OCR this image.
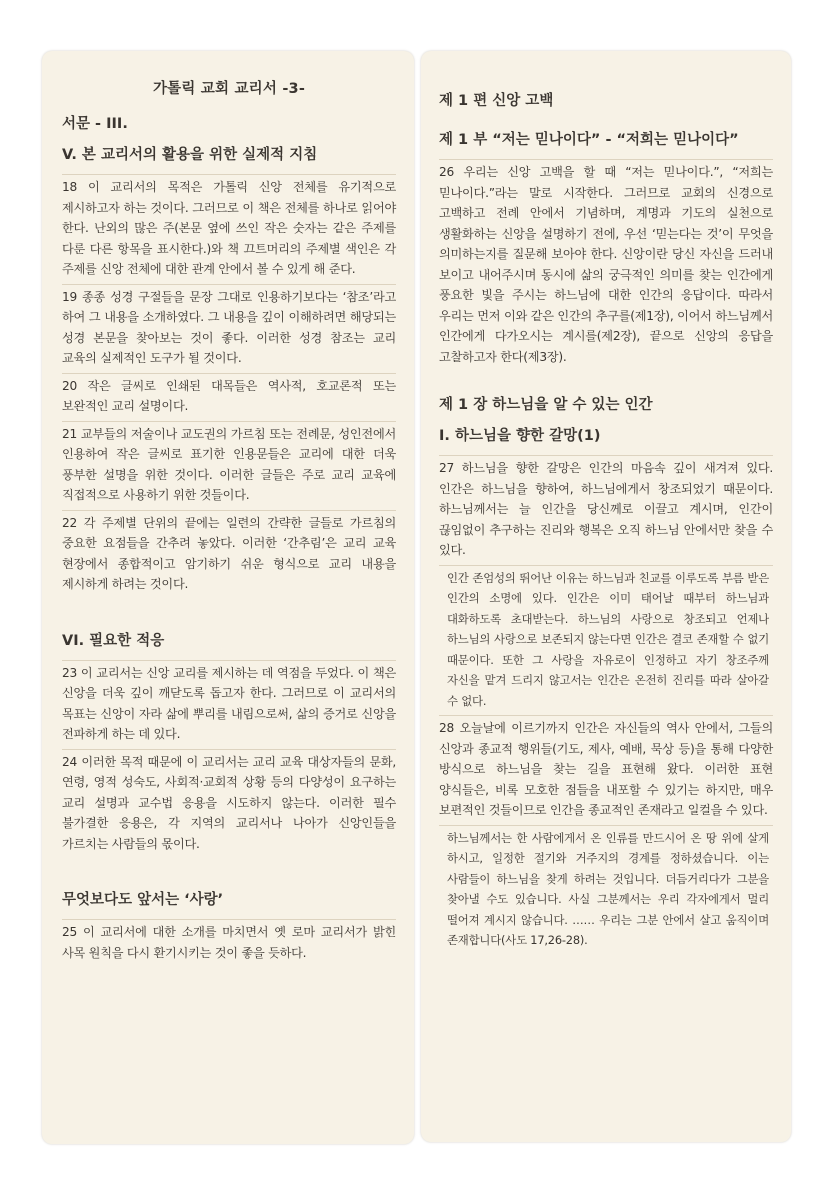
가톨릭 교회 교리서 -3-
서문 - III.
V. 본 교리서의 활용을 위한 실제적 지침

18 이 교리서의 목적은 가톨릭 신앙 전체를 유기적으로 제시하고자 하는 것이다. 그러므로 이 책은 전체를 하나로 읽어야 한다. 난외의 많은 주(본문 옆에 쓰인 작은 숫자는 같은 주제를 다룬 다른 항목을 표시한다.)와 책 끄트머리의 주제별 색인은 각 주제를 신앙 전체에 대한 관계 안에서 볼 수 있게 해 준다.

19 종종 성경 구절들을 문장 그대로 인용하기보다는 ‘참조’라고 하여 그 내용을 소개하였다. 그 내용을 깊이 이해하려면 해당되는 성경 본문을 찾아보는 것이 좋다. 이러한 성경 참조는 교리 교육의 실제적인 도구가 될 것이다.

20 작은 글씨로 인쇄된 대목들은 역사적, 호교론적 또는 보완적인 교리 설명이다.

21 교부들의 저술이나 교도권의 가르침 또는 전례문, 성인전에서 인용하여 작은 글씨로 표기한 인용문들은 교리에 대한 더욱 풍부한 설명을 위한 것이다. 이러한 글들은 주로 교리 교육에 직접적으로 사용하기 위한 것들이다.

22 각 주제별 단위의 끝에는 일련의 간략한 글들로 가르침의 중요한 요점들을 간추려 놓았다. 이러한 ‘간추림’은 교리 교육 현장에서 종합적이고 암기하기 쉬운 형식으로 교리 내용을 제시하게 하려는 것이다.

VI. 필요한 적응

23 이 교리서는 신앙 교리를 제시하는 데 역점을 두었다. 이 책은 신앙을 더욱 깊이 깨닫도록 돕고자 한다. 그러므로 이 교리서의 목표는 신앙이 자라 삶에 뿌리를 내림으로써, 삶의 증거로 신앙을 전파하게 하는 데 있다.

24 이러한 목적 때문에 이 교리서는 교리 교육 대상자들의 문화, 연령, 영적 성숙도, 사회적·교회적 상황 등의 다양성이 요구하는 교리 설명과 교수법 응용을 시도하지 않는다. 이러한 필수 불가결한 응용은, 각 지역의 교리서나 나아가 신앙인들을 가르치는 사람들의 몫이다.

무엇보다도 앞서는 ‘사랑’

25 이 교리서에 대한 소개를 마치면서 옛 로마 교리서가 밝힌 사목 원칙을 다시 환기시키는 것이 좋을 듯하다.

제 1 편 신앙 고백
제 1 부 “저는 믿나이다” - “저희는 믿나이다”

26 우리는 신앙 고백을 할 때 “저는 믿나이다.”, “저희는 믿나이다.”라는 말로 시작한다. 그러므로 교회의 신경으로 고백하고 전례 안에서 기념하며, 계명과 기도의 실천으로 생활화하는 신앙을 설명하기 전에, 우선 ‘믿는다는 것’이 무엇을 의미하는지를 질문해 보아야 한다. 신앙이란 당신 자신을 드러내 보이고 내어주시며 동시에 삶의 궁극적인 의미를 찾는 인간에게 풍요한 빛을 주시는 하느님에 대한 인간의 응답이다. 따라서 우리는 먼저 이와 같은 인간의 추구를(제1장), 이어서 하느님께서 인간에게 다가오시는 계시를(제2장), 끝으로 신앙의 응답을 고찰하고자 한다(제3장).

제 1 장 하느님을 알 수 있는 인간
I. 하느님을 향한 갈망(1)

27 하느님을 향한 갈망은 인간의 마음속 깊이 새겨져 있다. 인간은 하느님을 향하여, 하느님에게서 창조되었기 때문이다. 하느님께서는 늘 인간을 당신께로 이끌고 계시며, 인간이 끊임없이 추구하는 진리와 행복은 오직 하느님 안에서만 찾을 수 있다.

인간 존엄성의 뛰어난 이유는 하느님과 친교를 이루도록 부름 받은 인간의 소명에 있다. 인간은 이미 태어날 때부터 하느님과 대화하도록 초대받는다. 하느님의 사랑으로 창조되고 언제나 하느님의 사랑으로 보존되지 않는다면 인간은 결코 존재할 수 없기 때문이다. 또한 그 사랑을 자유로이 인정하고 자기 창조주께 자신을 맡겨 드리지 않고서는 인간은 온전히 진리를 따라 살아갈 수 없다.

28 오늘날에 이르기까지 인간은 자신들의 역사 안에서, 그들의 신앙과 종교적 행위들(기도, 제사, 예배, 묵상 등)을 통해 다양한 방식으로 하느님을 찾는 길을 표현해 왔다. 이러한 표현 양식들은, 비록 모호한 점들을 내포할 수 있기는 하지만, 매우 보편적인 것들이므로 인간을 종교적인 존재라고 일컬을 수 있다.

하느님께서는 한 사람에게서 온 인류를 만드시어 온 땅 위에 살게 하시고, 일정한 절기와 거주지의 경계를 정하셨습니다. 이는 사람들이 하느님을 찾게 하려는 것입니다. 더듬거리다가 그분을 찾아낼 수도 있습니다. 사실 그분께서는 우리 각자에게서 멀리 떨어져 계시지 않습니다. …… 우리는 그분 안에서 살고 움직이며 존재합니다(사도 17,26-28).
